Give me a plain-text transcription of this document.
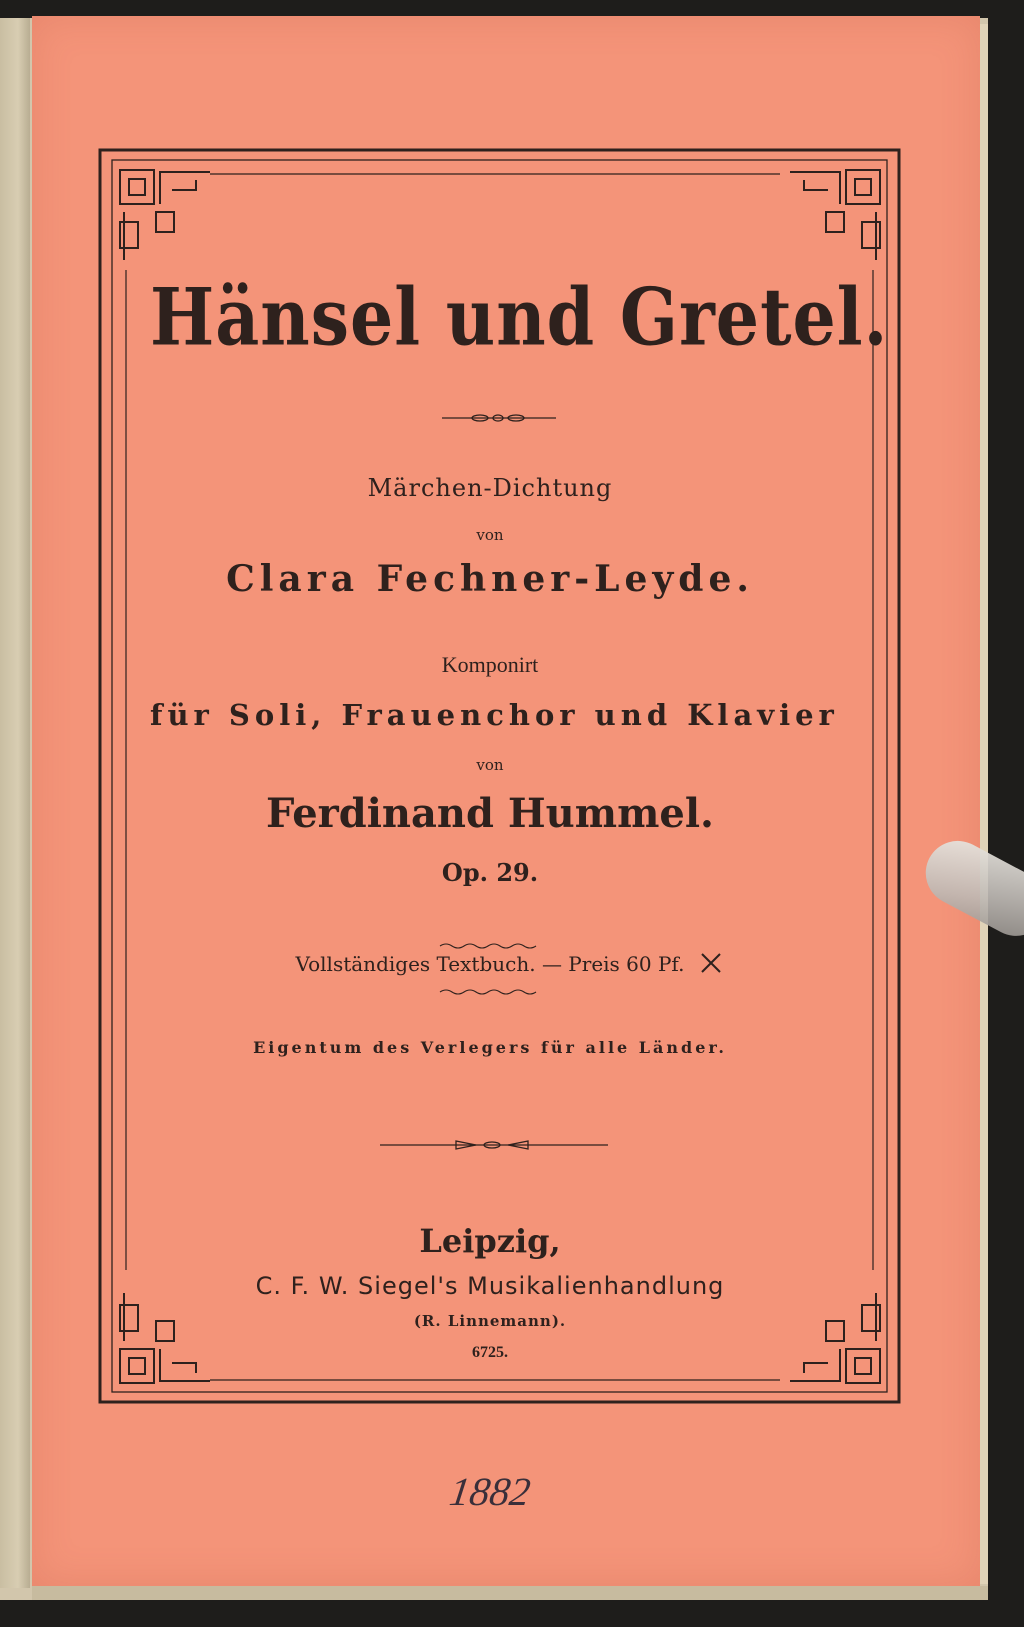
Hänsel und Gretel.
Märchen-Dichtung
von
Clara Fechner-Leyde.
Komponirt
für Soli, Frauenchor und Klavier
von
Ferdinand Hummel.
Op. 29.
Vollständiges Textbuch. — Preis 60 Pf.
Eigentum des Verlegers für alle Länder.
Leipzig,
C. F. W. Siegel's Musikalienhandlung
(R. Linnemann).
6725.
1882
